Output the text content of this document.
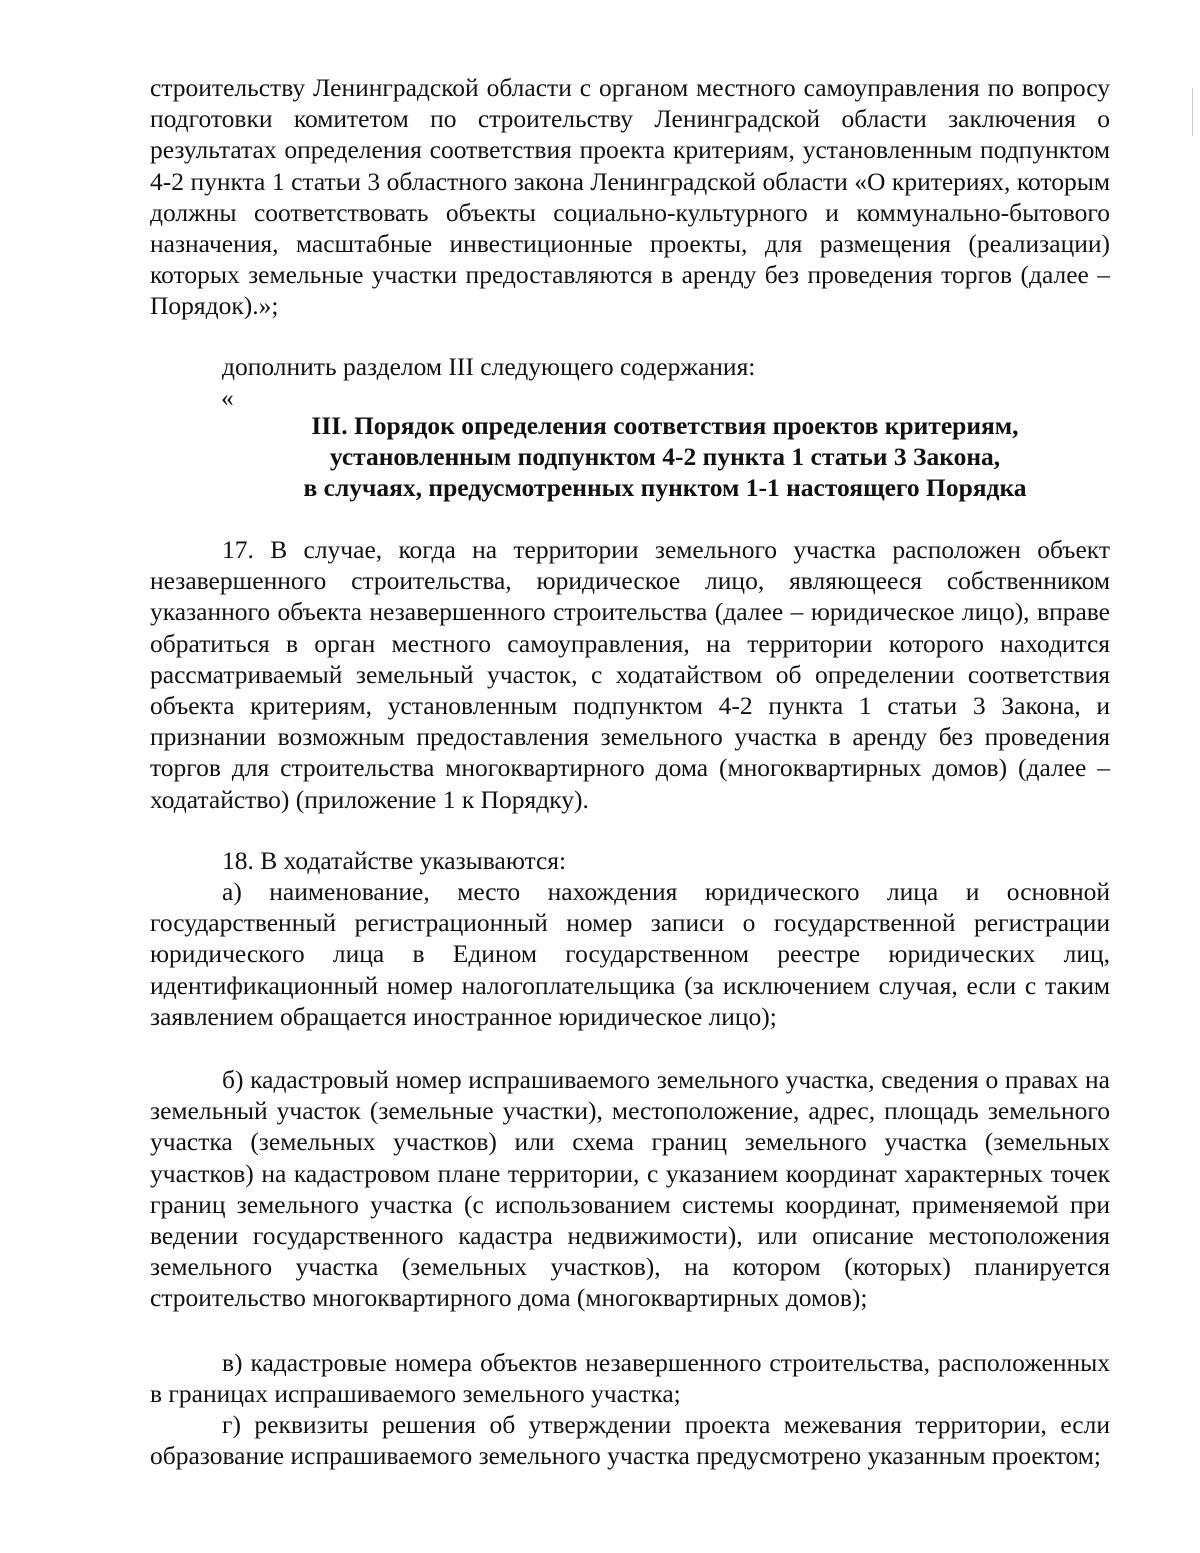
строительству Ленинградской области с органом местного самоуправления по вопросу подготовки комитетом по строительству Ленинградской области заключения о результатах определения соответствия проекта критериям, установленным подпунктом 4-2 пункта 1 статьи 3 областного закона Ленинградской области «О критериях, которым должны соответствовать объекты социально-культурного и коммунально-бытового назначения, масштабные инвестиционные проекты, для размещения (реализации) которых земельные участки предоставляются в аренду без проведения торгов (далее – Порядок).»;

дополнить разделом III следующего содержания:

«
III. Порядок определения соответствия проектов критериям,
установленным подпунктом 4-2 пункта 1 статьи 3 Закона,
в случаях, предусмотренных пунктом 1-1 настоящего Порядка

17. В случае, когда на территории земельного участка расположен объект незавершенного строительства, юридическое лицо, являющееся собственником указанного объекта незавершенного строительства (далее – юридическое лицо), вправе обратиться в орган местного самоуправления, на территории которого находится рассматриваемый земельный участок, с ходатайством об определении соответствия объекта критериям, установленным подпунктом 4-2 пункта 1 статьи 3 Закона, и признании возможным предоставления земельного участка в аренду без проведения торгов для строительства многоквартирного дома (многоквартирных домов) (далее – ходатайство) (приложение 1 к Порядку).

18. В ходатайстве указываются:

а) наименование, место нахождения юридического лица и основной государственный регистрационный номер записи о государственной регистрации юридического лица в Едином государственном реестре юридических лиц, идентификационный номер налогоплательщика (за исключением случая, если с таким заявлением обращается иностранное юридическое лицо);

б) кадастровый номер испрашиваемого земельного участка, сведения о правах на земельный участок (земельные участки), местоположение, адрес, площадь земельного участка (земельных участков) или схема границ земельного участка (земельных участков) на кадастровом плане территории, с указанием координат характерных точек границ земельного участка (с использованием системы координат, применяемой при ведении государственного кадастра недвижимости), или описание местоположения земельного участка (земельных участков), на котором (которых) планируется строительство многоквартирного дома (многоквартирных домов);

в) кадастровые номера объектов незавершенного строительства, расположенных в границах испрашиваемого земельного участка;

г) реквизиты решения об утверждении проекта межевания территории, если образование испрашиваемого земельного участка предусмотрено указанным проектом;
